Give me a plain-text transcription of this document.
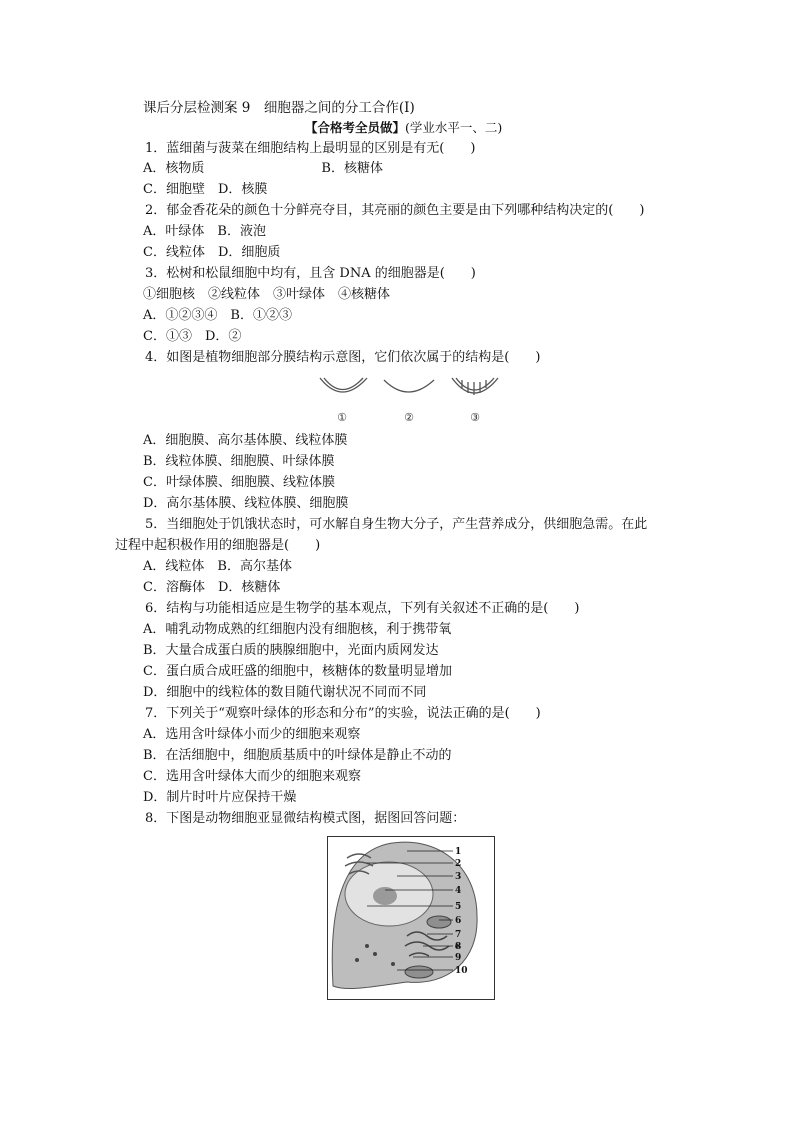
课后分层检测案 9　细胞器之间的分工合作(Ⅰ)
【合格考全员做】(学业水平一、二)
1．蓝细菌与菠菜在细胞结构上最明显的区别是有无(　　)
A．核物质　　　　　　　　　B．核糖体
C．细胞壁　D．核膜
2．郁金香花朵的颜色十分鲜亮夺目，其亮丽的颜色主要是由下列哪种结构决定的(　　)
A．叶绿体　B．液泡
C．线粒体　D．细胞质
3．松树和松鼠细胞中均有，且含 DNA 的细胞器是(　　)
①细胞核　②线粒体　③叶绿体　④核糖体
A．①②③④　B．①②③
C．①③　D．②
4．如图是植物细胞部分膜结构示意图，它们依次属于的结构是(　　)
①	②	③
A．细胞膜、高尔基体膜、线粒体膜
B．线粒体膜、细胞膜、叶绿体膜
C．叶绿体膜、细胞膜、线粒体膜
D．高尔基体膜、线粒体膜、细胞膜
5．当细胞处于饥饿状态时，可水解自身生物大分子，产生营养成分，供细胞急需。在此
过程中起积极作用的细胞器是(　　)
A．线粒体　B．高尔基体
C．溶酶体　D．核糖体
6．结构与功能相适应是生物学的基本观点，下列有关叙述不正确的是(　　)
A．哺乳动物成熟的红细胞内没有细胞核，利于携带氧
B．大量合成蛋白质的胰腺细胞中，光面内质网发达
C．蛋白质合成旺盛的细胞中，核糖体的数量明显增加
D．细胞中的线粒体的数目随代谢状况不同而不同
7．下列关于“观察叶绿体的形态和分布”的实验，说法正确的是(　　)
A．选用含叶绿体小而少的细胞来观察
B．在活细胞中，细胞质基质中的叶绿体是静止不动的
C．选用含叶绿体大而少的细胞来观察
D．制片时叶片应保持干燥
8．下图是动物细胞亚显微结构模式图，据图回答问题：
1
2
3
4
5
6
7
8
9
10
